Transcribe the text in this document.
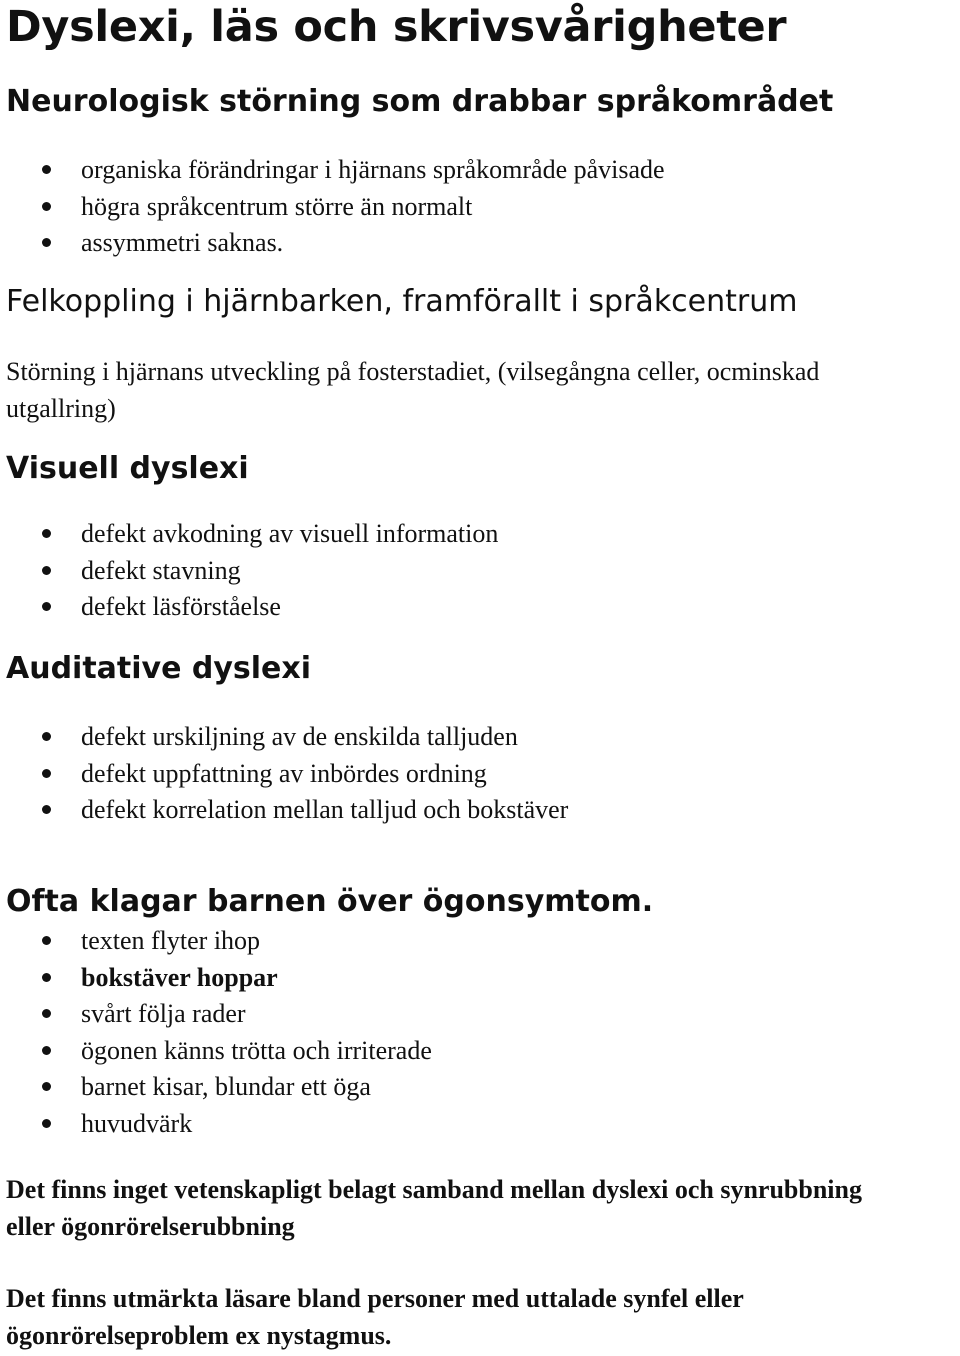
Dyslexi, läs och skrivsvårigheter
Neurologisk störning som drabbar språkområdet
organiska förändringar i hjärnans språkområde påvisade
högra språkcentrum större än normalt
assymmetri saknas.
Felkoppling i hjärnbarken, framförallt i språkcentrum

Störning i hjärnans utveckling på fosterstadiet, (vilsegångna celler, ocminskad
utgallring)

Visuell dyslexi
defekt avkodning av visuell information
defekt stavning
defekt läsförståelse
Auditative dyslexi
defekt urskiljning av de enskilda talljuden
defekt uppfattning av inbördes ordning
defekt korrelation mellan talljud och bokstäver
Ofta klagar barnen över ögonsymtom.
texten flyter ihop
bokstäver hoppar
svårt följa rader
ögonen känns trötta och irriterade
barnet kisar, blundar ett öga
huvudvärk

Det finns inget vetenskapligt belagt samband mellan dyslexi och synrubbning
eller ögonrörelserubbning

Det finns utmärkta läsare bland personer med uttalade synfel eller
ögonrörelseproblem ex nystagmus.
